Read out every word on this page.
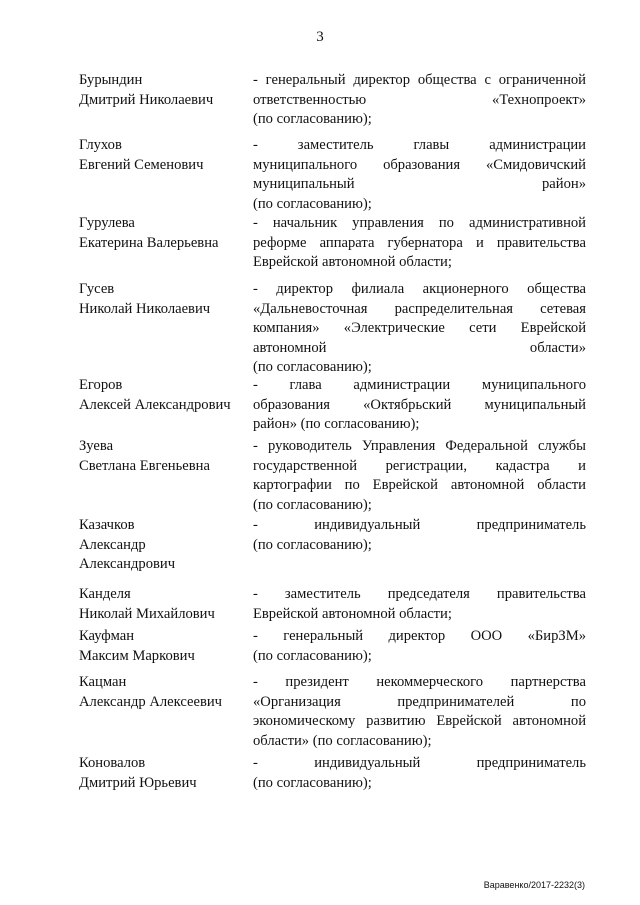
3
Бурындин
Дмитрий Николаевич
- генеральный директор общества с ограниченной
ответственностью «Технопроект»
(по согласованию);
Глухов
Евгений Семенович
- заместитель главы администрации
муниципального образования «Смидовичский
муниципальный район»
(по согласованию);
Гурулева
Екатерина Валерьевна
- начальник управления по административной
реформе аппарата губернатора и правительства
Еврейской автономной области;
Гусев
Николай Николаевич
- директор филиала акционерного общества
«Дальневосточная распределительная сетевая
компания» «Электрические сети Еврейской
автономной области»
(по согласованию);
Егоров
Алексей Александрович
- глава администрации муниципального
образования «Октябрьский муниципальный
район» (по согласованию);
Зуева
Светлана Евгеньевна
- руководитель Управления Федеральной службы
государственной регистрации, кадастра и
картографии по Еврейской автономной области
(по согласованию);
Казачков
Александр
Александрович
- индивидуальный предприниматель
(по согласованию);
Канделя
Николай Михайлович
- заместитель председателя правительства
Еврейской автономной области;
Кауфман
Максим Маркович
- генеральный директор ООО «БирЗМ»
(по согласованию);
Кацман
Александр Алексеевич
- президент некоммерческого партнерства
«Организация предпринимателей по
экономическому развитию Еврейской автономной
области» (по согласованию);
Коновалов
Дмитрий Юрьевич
- индивидуальный предприниматель
(по согласованию);
Варавенко/2017-2232(3)
